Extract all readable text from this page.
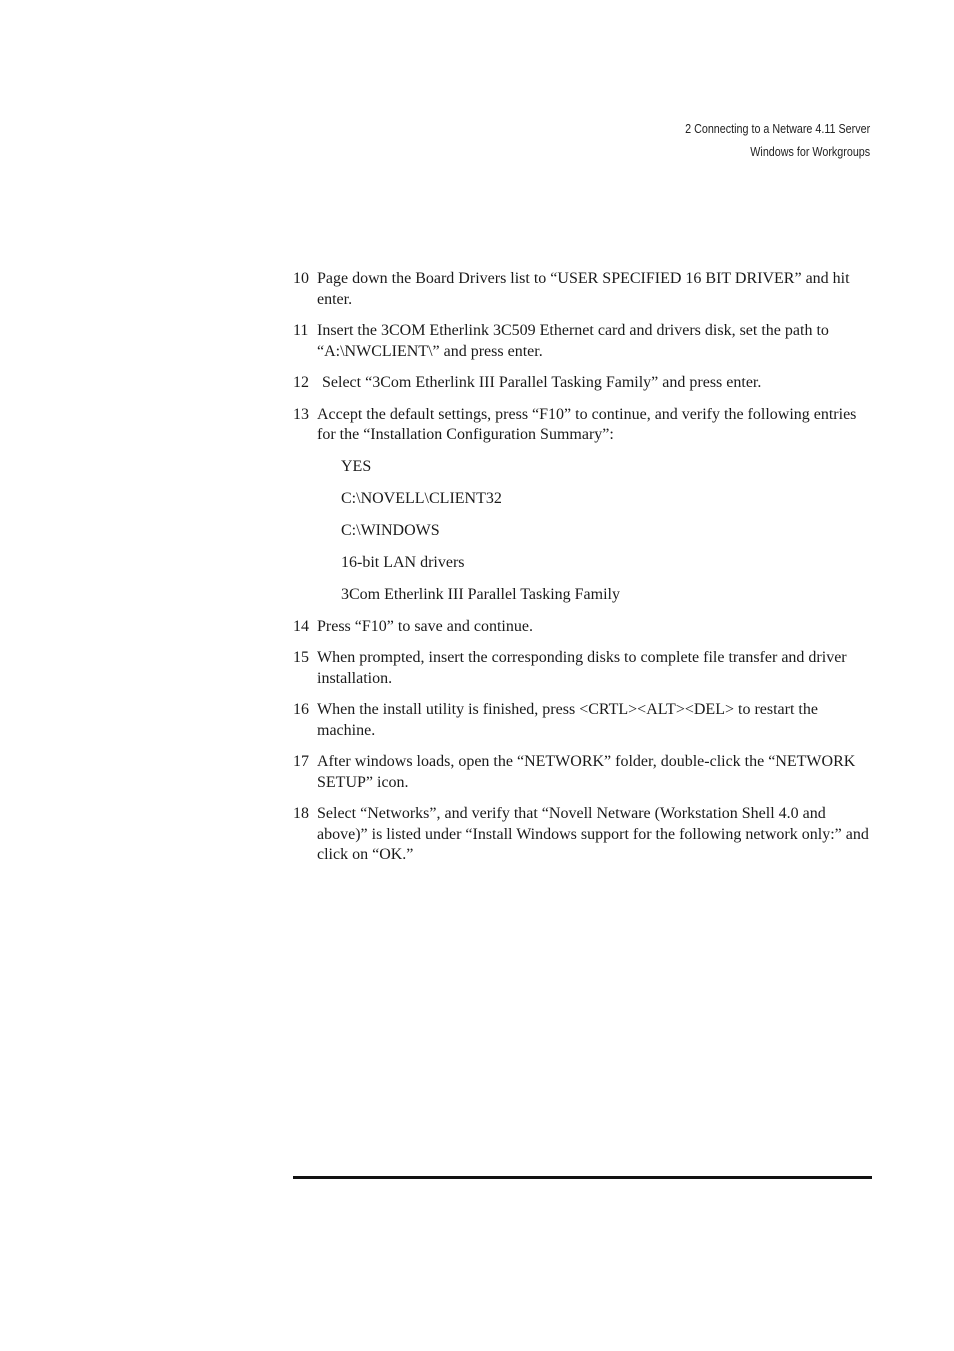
2 Connecting to a Netware 4.11 Server
Windows for Workgroups
10 Page down the Board Drivers list to “USER SPECIFIED 16 BIT DRIVER” and hit enter.
11 Insert the 3COM Etherlink 3C509 Ethernet card and drivers disk, set the path to “A:\NWCLIENT\” and press enter.
12 Select “3Com Etherlink III Parallel Tasking Family” and press enter.
13 Accept the default settings, press “F10” to continue, and verify the following entries for the “Installation Configuration Summary”:
YES
C:\NOVELL\CLIENT32
C:\WINDOWS
16-bit LAN drivers
3Com Etherlink III Parallel Tasking Family
14 Press “F10” to save and continue.
15 When prompted, insert the corresponding disks to complete file transfer and driver installation.
16 When the install utility is finished, press <CRTL><ALT><DEL> to restart the machine.
17 After windows loads, open the “NETWORK” folder, double-click the “NETWORK SETUP” icon.
18 Select “Networks”, and verify that “Novell Netware (Workstation Shell 4.0 and above)” is listed under “Install Windows support for the following network only:” and click on “OK.”
